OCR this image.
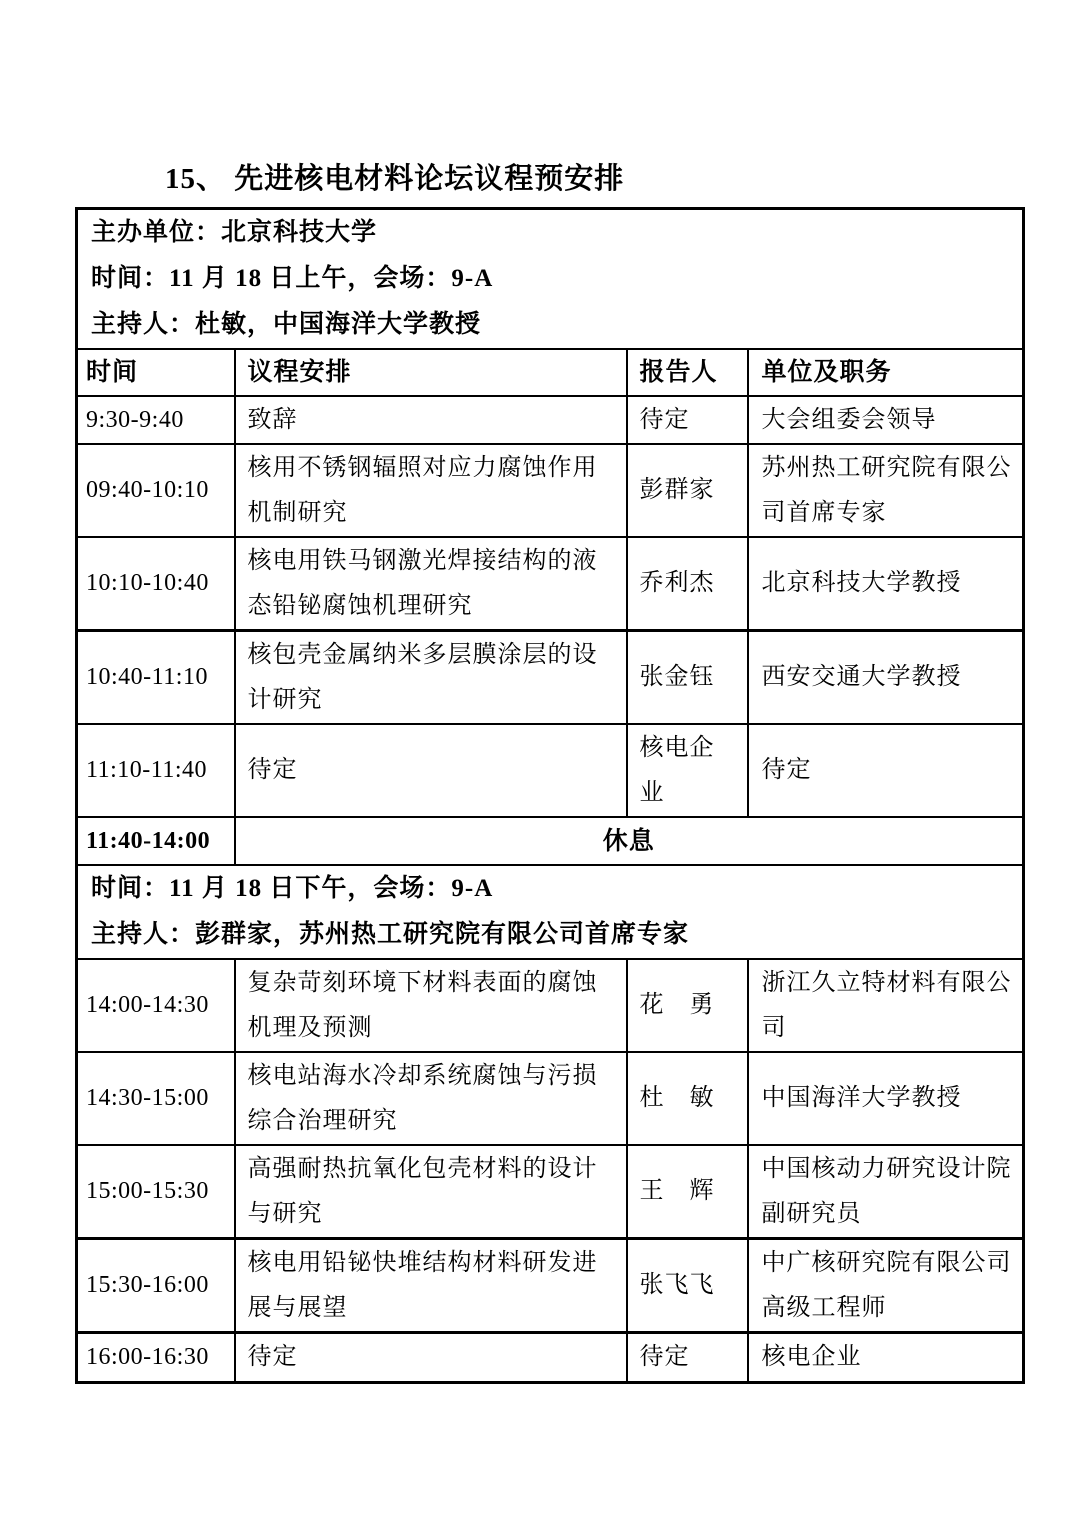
15、 先进核电材料论坛议程预安排
主办单位：北京科技大学
时间：11 月 18 日上午，会场：9-A
主持人：杜敏，中国海洋大学教授			

时间	议程安排	报告人	单位及职务
9:30-9:40	致辞	待定	大会组委会领导
09:40-10:10	核用不锈钢辐照对应力腐蚀作用机制研究	彭群家	苏州热工研究院有限公司首席专家
10:10-10:40	核电用铁马钢激光焊接结构的液态铅铋腐蚀机理研究	乔利杰	北京科技大学教授
10:40-11:10	核包壳金属纳米多层膜涂层的设计研究	张金钰	西安交通大学教授
11:10-11:40	待定	核电企业	待定
11:40-14:00	休息		

时间：11 月 18 日下午，会场：9-A
主持人：彭群家，苏州热工研究院有限公司首席专家			

14:00-14:30	复杂苛刻环境下材料表面的腐蚀机理及预测	花　勇	浙江久立特材料有限公司
14:30-15:00	核电站海水冷却系统腐蚀与污损综合治理研究	杜　敏	中国海洋大学教授
15:00-15:30	高强耐热抗氧化包壳材料的设计与研究	王　辉	中国核动力研究设计院副研究员
15:30-16:00	核电用铅铋快堆结构材料研发进展与展望	张飞飞	中广核研究院有限公司高级工程师
16:00-16:30	待定	待定	核电企业
